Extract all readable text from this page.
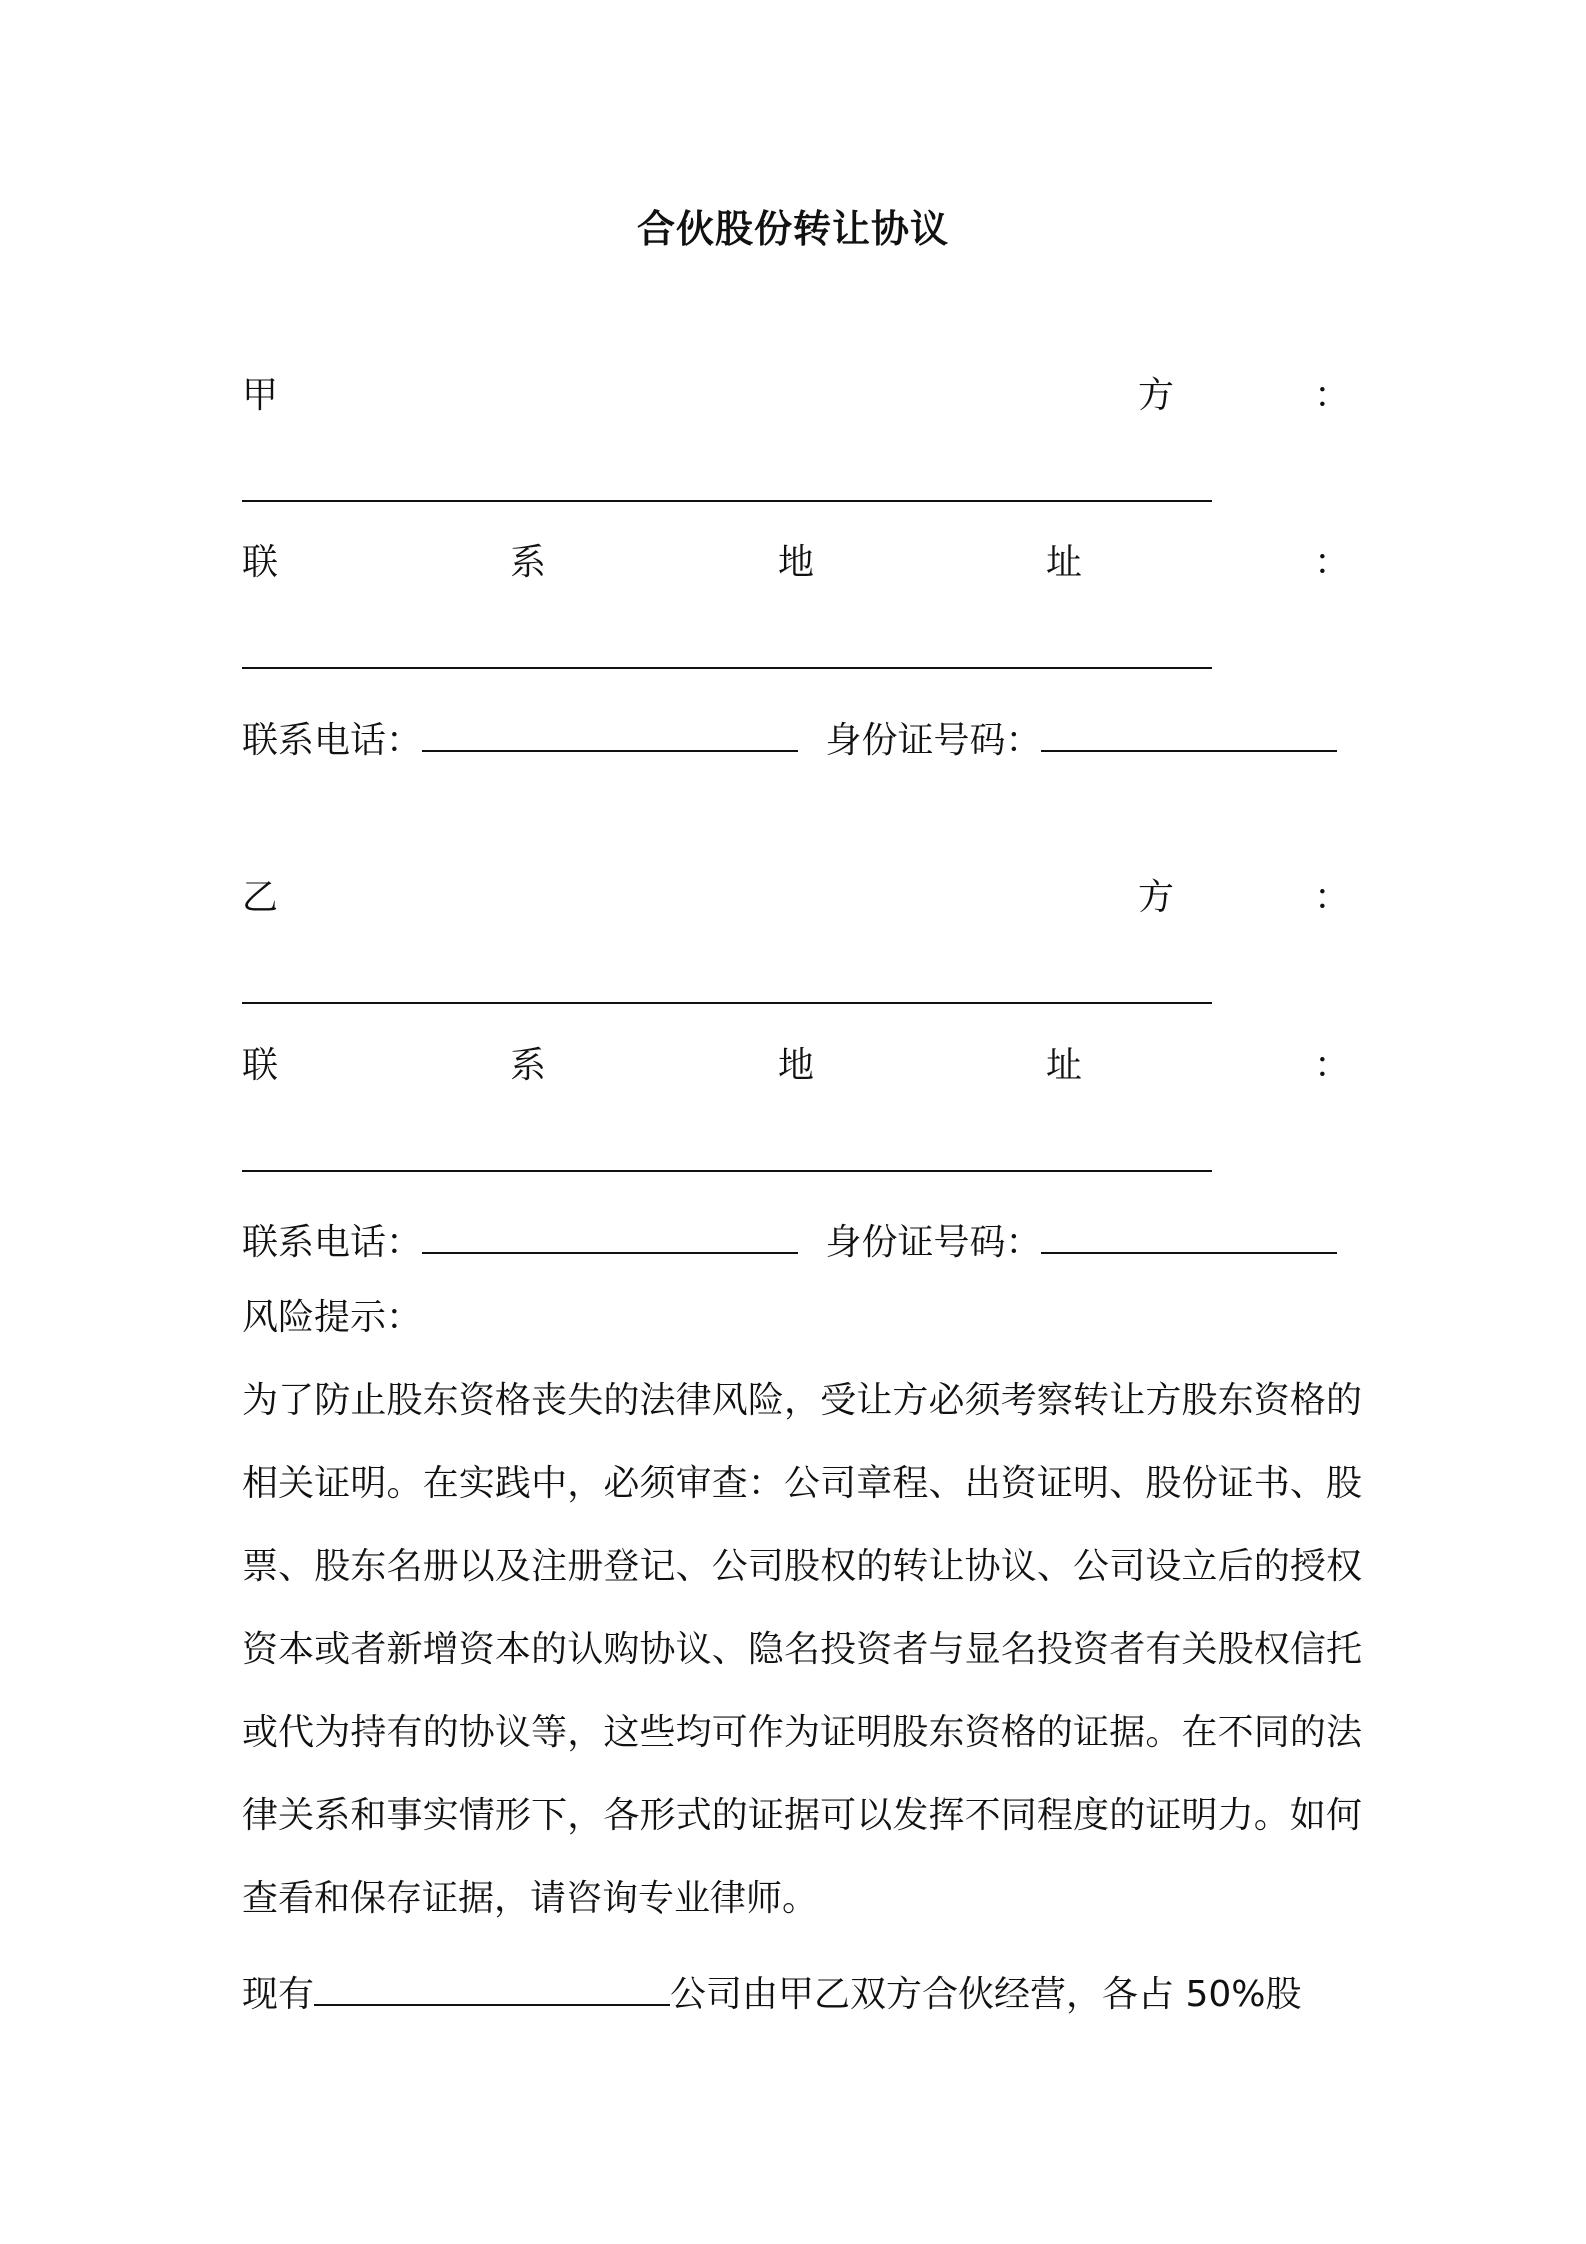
合伙股份转让协议
甲	方	：
联	系	地	址	：
联系电话：	身份证号码：
乙	方	：
联	系	地	址	：
联系电话：	身份证号码：
风险提示：
为了防止股东资格丧失的法律风险，受让方必须考察转让方股东资格的相关证明。在实践中，必须审查：公司章程、出资证明、股份证书、股票、股东名册以及注册登记、公司股权的转让协议、公司设立后的授权资本或者新增资本的认购协议、隐名投资者与显名投资者有关股权信托或代为持有的协议等，这些均可作为证明股东资格的证据。在不同的法律关系和事实情形下，各形式的证据可以发挥不同程度的证明力。如何查看和保存证据，请咨询专业律师。
现有	公司由甲乙双方合伙经营，各占 50%股
